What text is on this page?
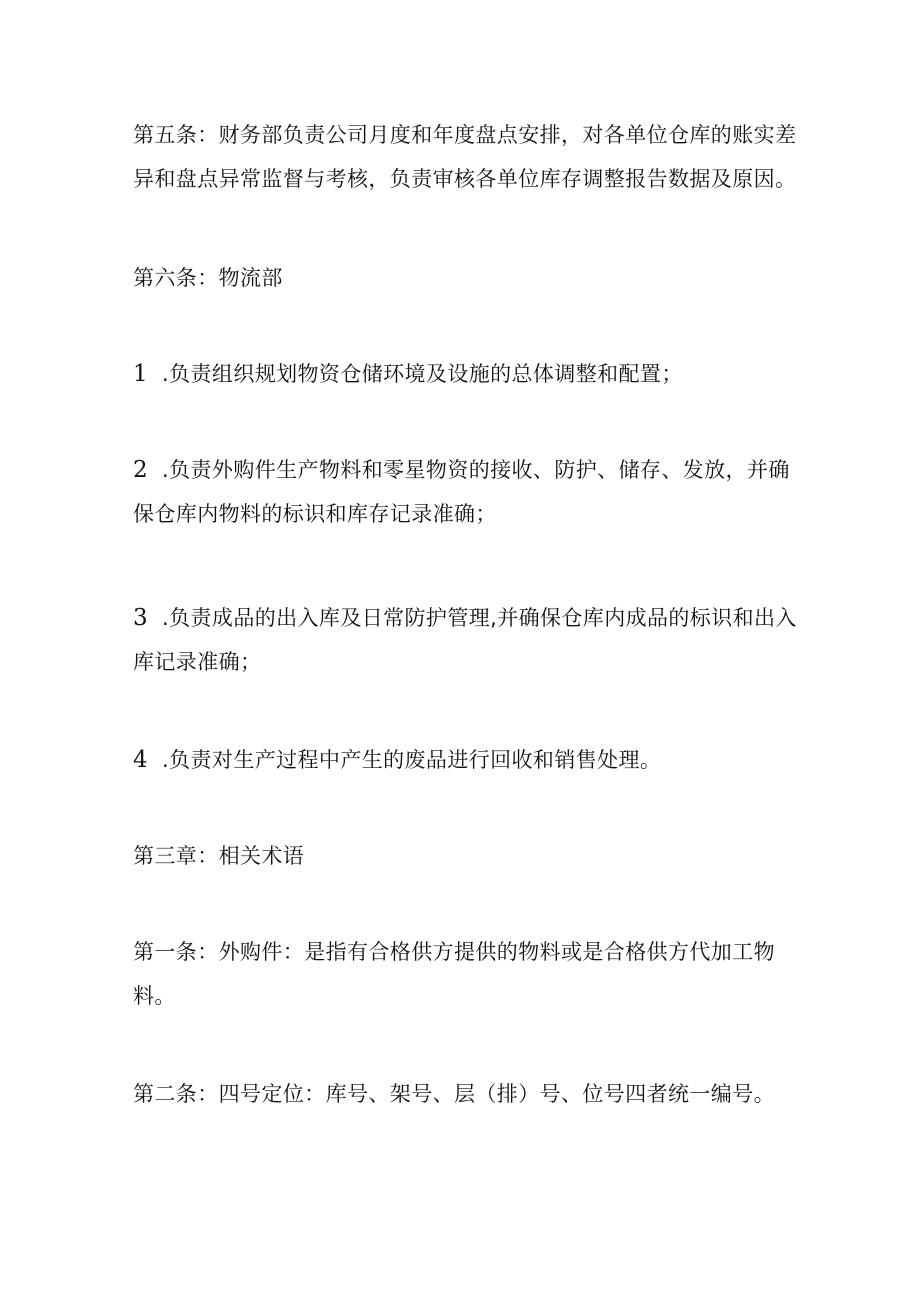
第五条：财务部负责公司月度和年度盘点安排，对各单位仓库的账实差异和盘点异常监督与考核，负责审核各单位库存调整报告数据及原因。

第六条：物流部

1 .负责组织规划物资仓储环境及设施的总体调整和配置；

2 .负责外购件生产物料和零星物资的接收、防护、储存、发放，并确保仓库内物料的标识和库存记录准确；

3 .负责成品的出入库及日常防护管理,并确保仓库内成品的标识和出入库记录准确；

4 .负责对生产过程中产生的废品进行回收和销售处理。

第三章：相关术语

第一条：外购件：是指有合格供方提供的物料或是合格供方代加工物料。

第二条：四号定位：库号、架号、层（排）号、位号四者统一编号。
